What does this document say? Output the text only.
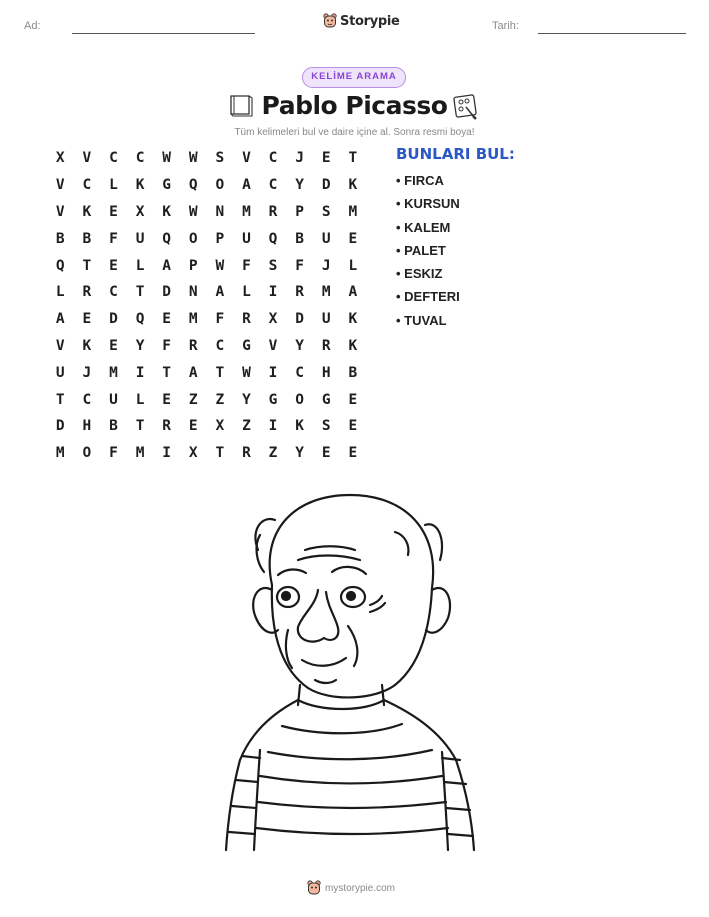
Ad:	Storypie	Tarih:
KELİME ARAMA
Pablo Picasso
Tüm kelimeleri bul ve daire içine al. Sonra resmi boya!
X	V	C	C	W	W	S	V	C	J	E	T
V	C	L	K	G	Q	O	A	C	Y	D	K
V	K	E	X	K	W	N	M	R	P	S	M
B	B	F	U	Q	O	P	U	Q	B	U	E
Q	T	E	L	A	P	W	F	S	F	J	L
L	R	C	T	D	N	A	L	I	R	M	A
A	E	D	Q	E	M	F	R	X	D	U	K
V	K	E	Y	F	R	C	G	V	Y	R	K
U	J	M	I	T	A	T	W	I	C	H	B
T	C	U	L	E	Z	Z	Y	G	O	G	E
D	H	B	T	R	E	X	Z	I	K	S	E
M	O	F	M	I	X	T	R	Z	Y	E	E
BUNLARI BUL:
• FIRCA
• KURSUN
• KALEM
• PALET
• ESKIZ
• DEFTERI
• TUVAL
mystorypie.com
